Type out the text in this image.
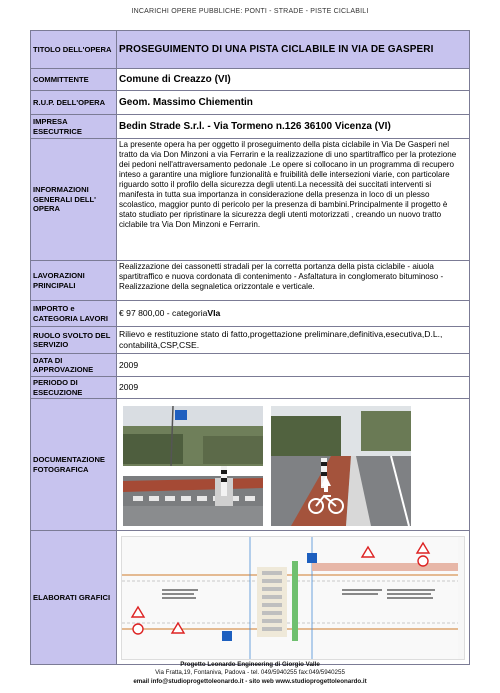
INCARICHI OPERE PUBBLICHE: PONTI - STRADE - PISTE CICLABILI
TITOLO DELL'OPERA	PROSEGUIMENTO DI UNA PISTA CICLABILE IN VIA DE GASPERI
COMMITTENTE	Comune di Creazzo (VI)
R.U.P. DELL'OPERA	Geom. Massimo Chiementin
IMPRESA ESECUTRICE	Bedin Strade S.r.l. - Via Tormeno n.126 36100 Vicenza (VI)
INFORMAZIONI GENERALI DELL' OPERA	La presente opera ha per oggetto il proseguimento della pista ciclabile in Via De Gasperi nel tratto da via Don Minzoni a via Ferrarin e la realizzazione di uno spartitraffico per la protezione dei pedoni nell'attraversamento pedonale .Le opere si collocano in un programma di recupero inteso a garantire una migliore funzionalità e fruibilità delle intersezioni viarie, con particolare riguardo sotto il profilo della sicurezza degli utenti.La necessità dei succitati interventi si manifesta in tutta sua importanza in considerazione della presenza in loco di un plesso scolastico, maggior punto di pericolo per la presenza di bambini.Principalmente il progetto è stato studiato per ripristinare la sicurezza degli utenti motorizzati , creando un nuovo tratto ciclabile tra Via Don Minzoni e Ferrarin.
LAVORAZIONI PRINCIPALI	Realizzazione dei cassonetti stradali per la corretta portanza della pista ciclabile - aiuola spartitraffico e nuova cordonata di contenimento - Asfaltatura in conglomerato bituminoso - Realizzazione della segnaletica orizzontale e verticale.
IMPORTO e CATEGORIA LAVORI	€ 97 800,00 - categoriaVIa
RUOLO SVOLTO DEL SERVIZIO	Rilievo e restituzione stato di fatto,progettazione preliminare,definitiva,esecutiva,D.L., contabilità,CSP,CSE.
DATA DI APPROVAZIONE	2009
PERIODO DI ESECUZIONE	2009
DOCUMENTAZIONE FOTOGRAFICA	

ELABORATI GRAFICI	
Progetto Leonardo Engineering di Giorgio Valle
Via Fratta,19, Fontaniva, Padova - tel. 049/5940255 fax:049/5940255
email info@studioprogettoleonardo.it - sito web www.studioprogettoleonardo.it
